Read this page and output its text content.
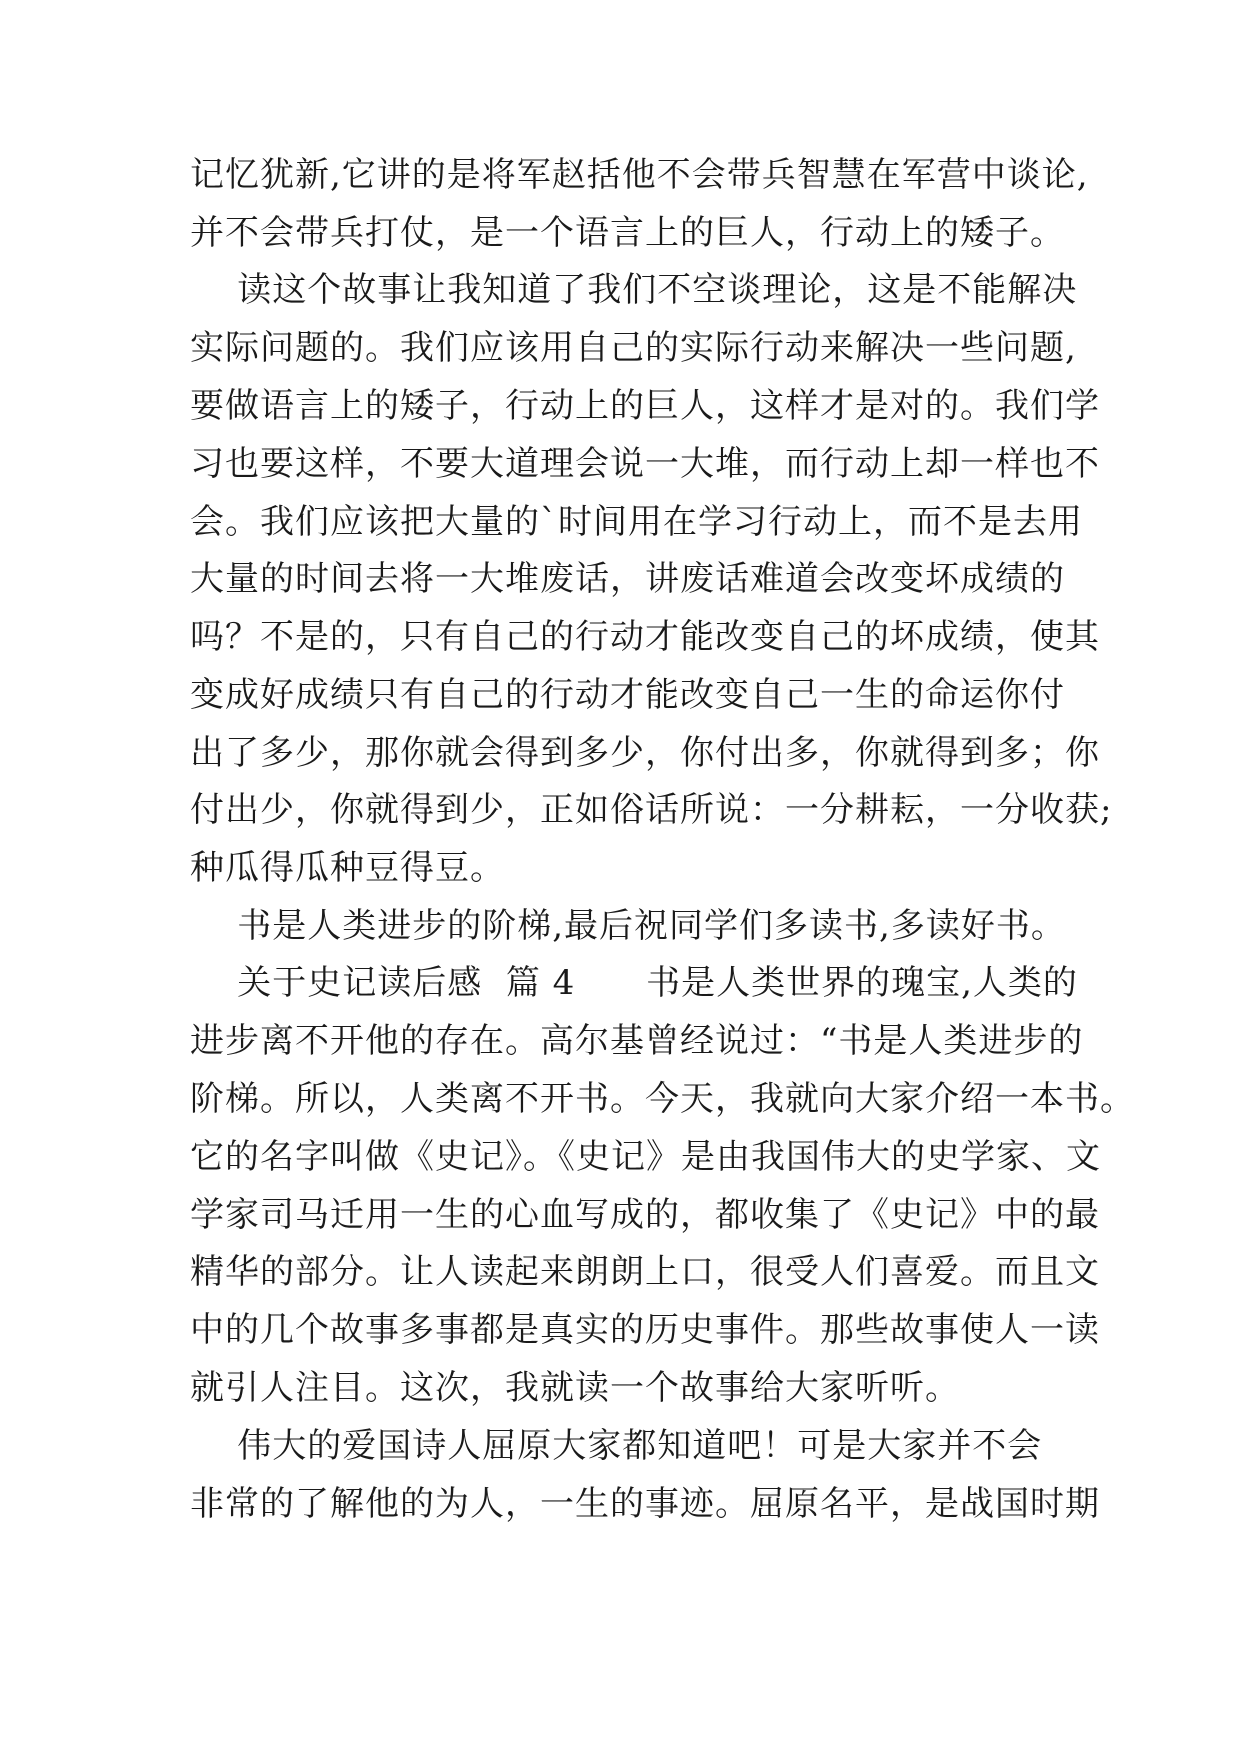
记忆犹新,它讲的是将军赵括他不会带兵智慧在军营中谈论,
并不会带兵打仗，是一个语言上的巨人，行动上的矮子。
读这个故事让我知道了我们不空谈理论，这是不能解决
实际问题的。我们应该用自己的实际行动来解决一些问题,
要做语言上的矮子，行动上的巨人，这样才是对的。我们学
习也要这样，不要大道理会说一大堆，而行动上却一样也不
会。我们应该把大量的`时间用在学习行动上，而不是去用
大量的时间去将一大堆废话，讲废话难道会改变坏成绩的
吗？不是的，只有自己的行动才能改变自己的坏成绩，使其
变成好成绩只有自己的行动才能改变自己一生的命运你付
出了多少，那你就会得到多少，你付出多，你就得到多；你
付出少，你就得到少，正如俗话所说：一分耕耘，一分收获;
种瓜得瓜种豆得豆。
书是人类进步的阶梯,最后祝同学们多读书,多读好书。
关于史记读后感  篇 4      书是人类世界的瑰宝,人类的
进步离不开他的存在。高尔基曾经说过：“书是人类进步的
阶梯。所以，人类离不开书。今天，我就向大家介绍一本书。
它的名字叫做《史记》。《史记》是由我国伟大的史学家、文
学家司马迁用一生的心血写成的，都收集了《史记》中的最
精华的部分。让人读起来朗朗上口，很受人们喜爱。而且文
中的几个故事多事都是真实的历史事件。那些故事使人一读
就引人注目。这次，我就读一个故事给大家听听。
伟大的爱国诗人屈原大家都知道吧！可是大家并不会
非常的了解他的为人，一生的事迹。屈原名平，是战国时期
